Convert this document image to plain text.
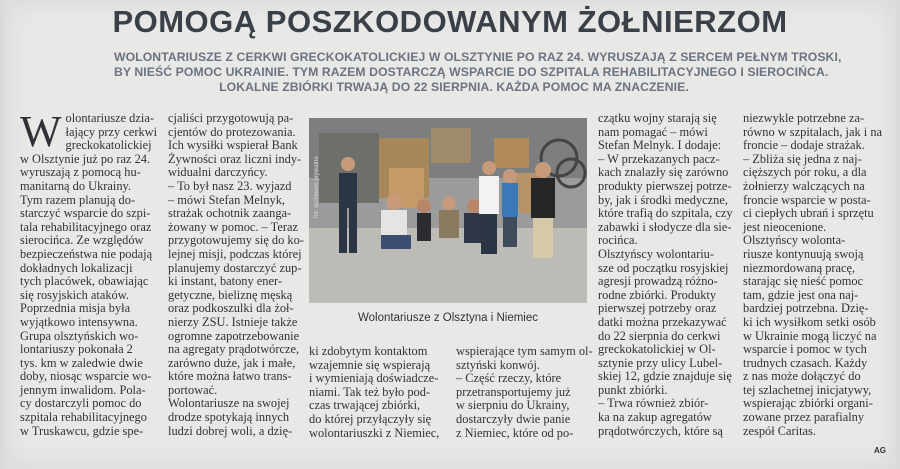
POMOGĄ POSZKODOWANYM ŻOŁNIERZOM
WOLONTARIUSZE Z CERKWI GRECKOKATOLICKIEJ W OLSZTYNIE PO RAZ 24. WYRUSZAJĄ Z SERCEM PEŁNYM TROSKI,
BY NIEŚĆ POMOC UKRAINIE. TYM RAZEM DOSTARCZĄ WSPARCIE DO SZPITALA REHABILITACYJNEGO I SIEROCIŃCA.
LOKALNE ZBIÓRKI TRWAJĄ DO 22 SIERPNIA. KAŻDA POMOC MA ZNACZENIE.
W olontariusze dzia-
łający przy cerkwi
greckokatolickiej
w Olsztynie już po raz 24.
wyruszają z pomocą hu-
manitarną do Ukrainy.
Tym razem planują do-
starczyć wsparcie do szpi-
tala rehabilitacyjnego oraz
sierocińca. Ze względów
bezpieczeństwa nie podają
dokładnych lokalizacji
tych placówek, obawiając
się rosyjskich ataków.
Poprzednia misja była
wyjątkowo intensywna.
Grupa olsztyńskich wo-
lontariuszy pokonała 2
tys. km w zaledwie dwie
doby, niosąc wsparcie wo-
jennym inwalidom. Pola-
cy dostarczyli pomoc do
szpitala rehabilitacyjnego
w Truskawcu, gdzie spe-
cjaliści przygotowują pa-
cjentów do protezowania.
Ich wysiłki wspierał Bank
Żywności oraz liczni indy-
widualni darczyńcy.
– To był nasz 23. wyjazd
– mówi Stefan Melnyk,
strażak ochotnik zaanga-
żowany w pomoc. – Teraz
przygotowujemy się do ko-
lejnej misji, podczas której
planujemy dostarczyć zup-
ki instant, batony ener-
getyczne, bieliznę męską
oraz podkoszulki dla żoł-
nierzy ZSU. Istnieje także
ogromne zapotrzebowanie
na agregaty prądotwórcze,
zarówno duże, jak i małe,
które można łatwo trans-
portować.
Wolontariusze na swojej
drodze spotykają innych
ludzi dobrej woli, a dzię-
fot. archiwum prywatne
Wolontariusze z Olsztyna i Niemiec
ki zdobytym kontaktom
wzajemnie się wspierają
i wymieniają doświadcze-
niami. Tak też było pod-
czas trwającej zbiórki,
do której przyłączyły się
wolontariuszki z Niemiec,
wspierające tym samym ol-
sztyński konwój.
– Część rzeczy, które
przetransportujemy już
w sierpniu do Ukrainy,
dostarczyły dwie panie
z Niemiec, które od po-
czątku wojny starają się
nam pomagać – mówi
Stefan Melnyk. I dodaje:
– W przekazanych pacz-
kach znalazły się zarówno
produkty pierwszej potrze-
by, jak i środki medyczne,
które trafią do szpitala, czy
zabawki i słodycze dla sie-
rocińca.
Olsztyńscy wolontariu-
sze od początku rosyjskiej
agresji prowadzą różno-
rodne zbiórki. Produkty
pierwszej potrzeby oraz
datki można przekazywać
do 22 sierpnia do cerkwi
greckokatolickiej w Ol-
sztynie przy ulicy Lubel-
skiej 12, gdzie znajduje się
punkt zbiórki.
– Trwa również zbiór-
ka na zakup agregatów
prądotwórczych, które są
niezwykle potrzebne za-
równo w szpitalach, jak i na
froncie – dodaje strażak.
– Zbliża się jedna z naj-
cięższych pór roku, a dla
żołnierzy walczących na
froncie wsparcie w posta-
ci ciepłych ubrań i sprzętu
jest nieocenione.
Olsztyńscy wolonta-
riusze kontynuują swoją
niezmordowaną pracę,
starając się nieść pomoc
tam, gdzie jest ona naj-
bardziej potrzebna. Dzię-
ki ich wysiłkom setki osób
w Ukrainie mogą liczyć na
wsparcie i pomoc w tych
trudnych czasach. Każdy
z nas może dołączyć do
tej szlachetnej inicjatywy,
wspierając zbiórki organi-
zowane przez parafialny
zespół Caritas.
AG
